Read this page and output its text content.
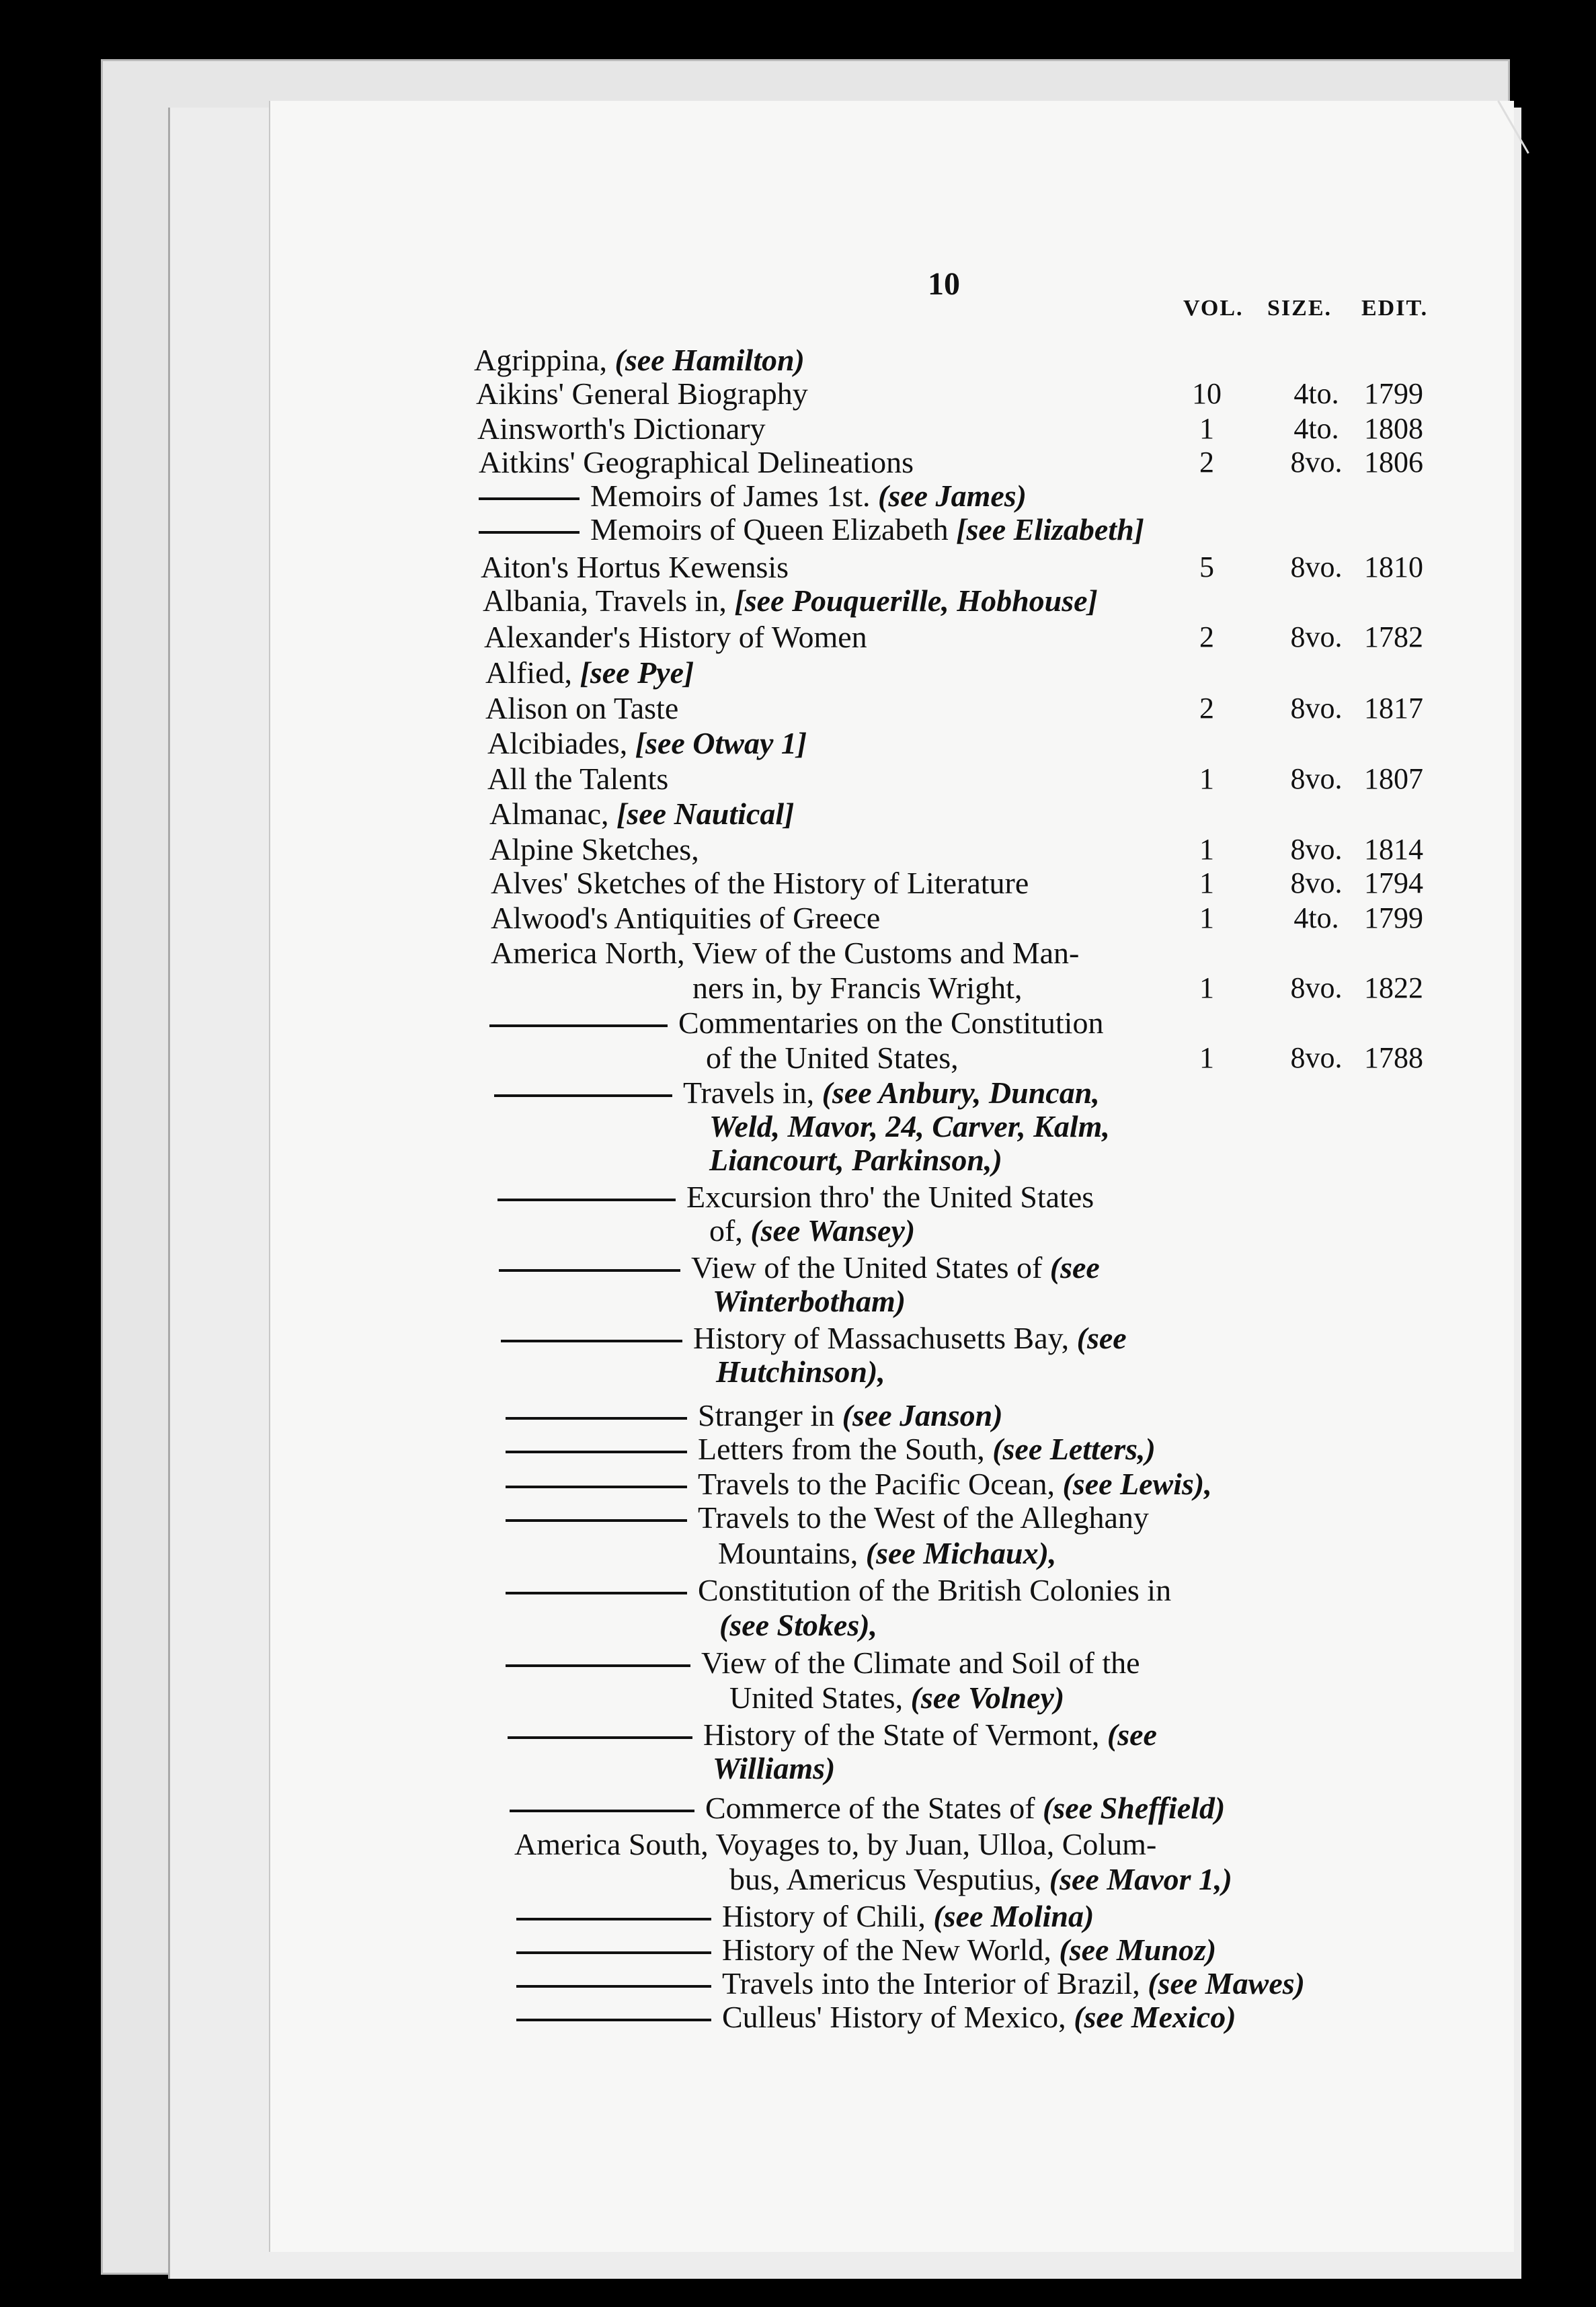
10
VOL. SIZE. EDIT.
Agrippina, (see Hamilton)
Aikins' General Biography	10	4to. 1799
Ainsworth's Dictionary	1	4to. 1808
Aitkins' Geographical Delineations	2	8vo. 1806
Memoirs of James 1st. (see James)
Memoirs of Queen Elizabeth [see Elizabeth]
Aiton's Hortus Kewensis	5	8vo. 1810
Albania, Travels in, [see Pouquerille, Hobhouse]
Alexander's History of Women	2	8vo. 1782
Alfied, [see Pye]
Alison on Taste	2	8vo. 1817
Alcibiades, [see Otway 1]
All the Talents	1	8vo. 1807
Almanac, [see Nautical]
Alpine Sketches,	1	8vo. 1814
Alves' Sketches of the History of Literature	1	8vo. 1794
Alwood's Antiquities of Greece	1	4to. 1799
America North, View of the Customs and Man-
ners in, by Francis Wright,	1	8vo. 1822
Commentaries on the Constitution
of the United States,	1	8vo. 1788
Travels in, (see Anbury, Duncan,
Weld, Mavor, 24, Carver, Kalm,
Liancourt, Parkinson,)
Excursion thro' the United States
of, (see Wansey)
View of the United States of (see
Winterbotham)
History of Massachusetts Bay, (see
Hutchinson),
Stranger in (see Janson)
Letters from the South, (see Letters,)
Travels to the Pacific Ocean, (see Lewis),
Travels to the West of the Alleghany
Mountains, (see Michaux),
Constitution of the British Colonies in
(see Stokes),
View of the Climate and Soil of the
United States, (see Volney)
History of the State of Vermont, (see
Williams)
Commerce of the States of (see Sheffield)
America South, Voyages to, by Juan, Ulloa, Colum-
bus, Americus Vesputius, (see Mavor 1,)
History of Chili, (see Molina)
History of the New World, (see Munoz)
Travels into the Interior of Brazil, (see Mawes)
Culleus' History of Mexico, (see Mexico)
